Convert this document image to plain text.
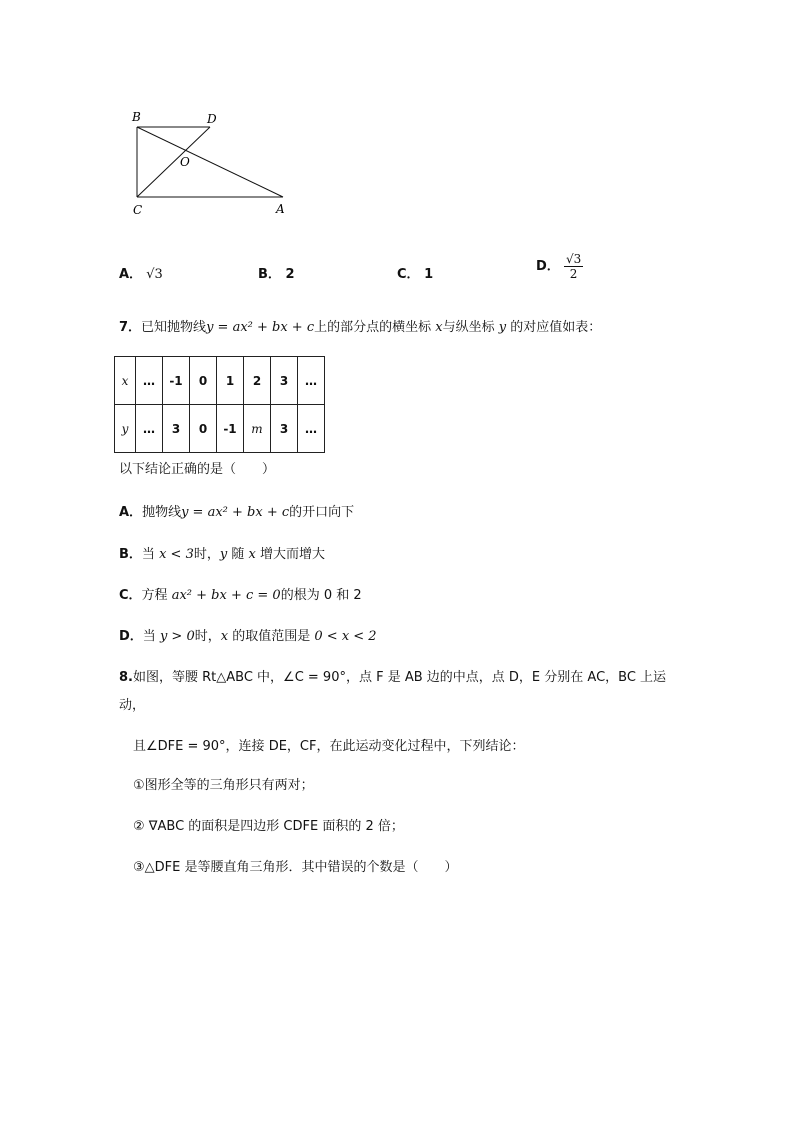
B	D
O
C	A
A． √3	B． 2	C． 1
D． $\frac{√3}{2}$
7．已知抛物线y = ax² + bx + c上的部分点的横坐标 x与纵坐标 y 的对应值如表：
x	…	-1	0	1	2	3	…
y	…	3	0	-1	m	3	…
以下结论正确的是（　　）
A．抛物线y = ax² + bx + c的开口向下
B．当 x < 3时，y 随 x 增大而增大
C．方程 ax² + bx + c = 0的根为 0 和 2
D．当 y > 0时，x 的取值范围是 0 < x < 2
8.如图，等腰 Rt△ABC 中，∠C = 90°，点 F 是 AB 边的中点，点 D，E 分别在 AC，BC 上运
动，
且∠DFE = 90°，连接 DE，CF，在此运动变化过程中，下列结论：
①图形全等的三角形只有两对；
② ∇ABC 的面积是四边形 CDFE 面积的 2 倍；
③△DFE 是等腰直角三角形．其中错误的个数是（　　）
